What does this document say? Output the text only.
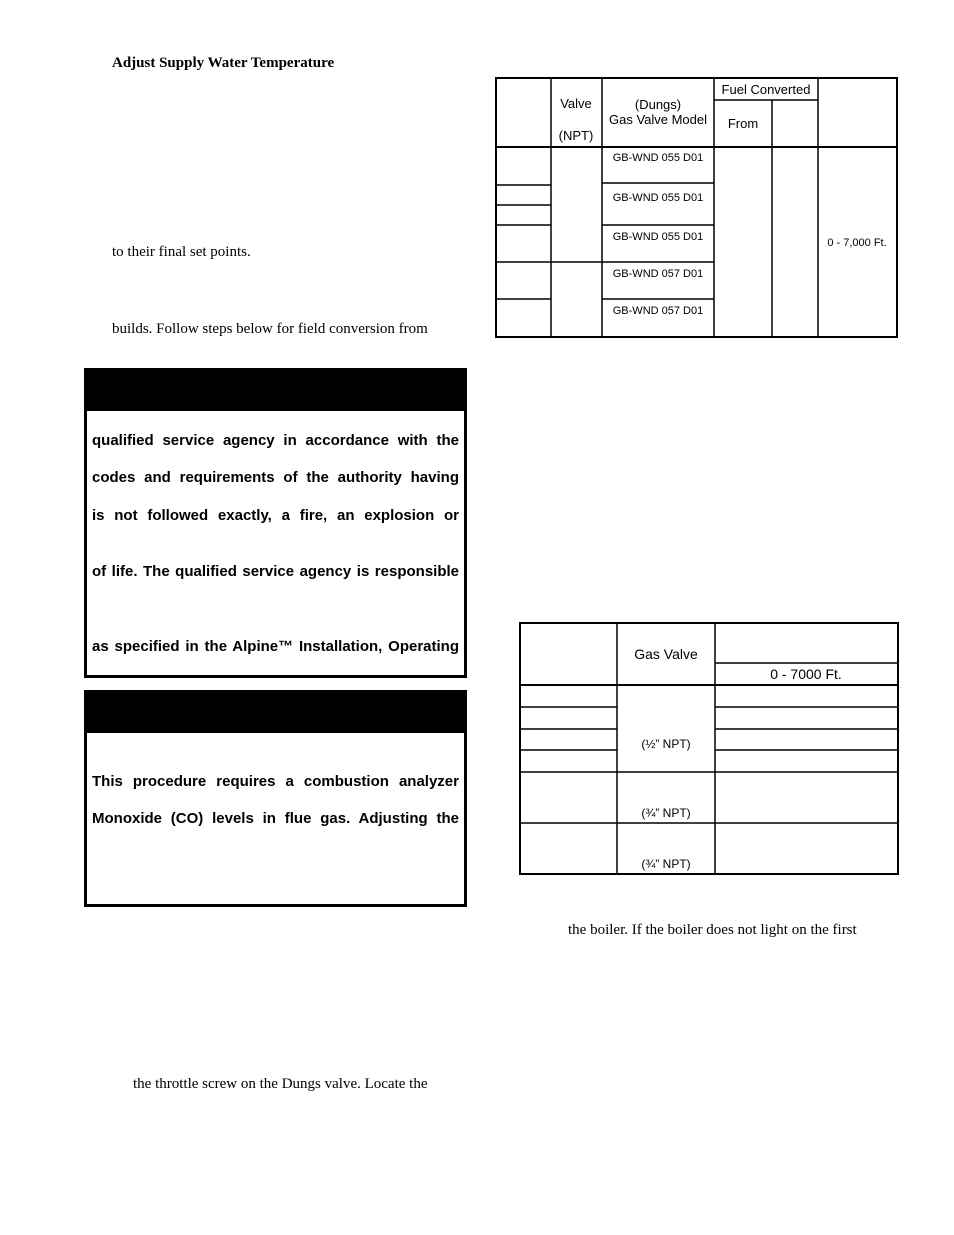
Adjust Supply Water Temperature
to their final set points.
builds. Follow steps below for field conversion from
qualified service agency in accordance with the
codes and requirements of the authority having
is not followed exactly, a fire, an explosion or
of life. The qualified service agency is responsible
as specified in the Alpine™ Installation, Operating
This procedure requires a combustion analyzer
Monoxide (CO) levels in flue gas. Adjusting the
the throttle screw on the Dungs valve. Locate the
Valve
(NPT)
(Dungs)
Gas Valve Model
Fuel Converted
From
GB-WND 055 D01
GB-WND 055 D01
GB-WND 055 D01
GB-WND 057 D01
GB-WND 057 D01
0 - 7,000 Ft.
Gas Valve
0 - 7000 Ft.
(½” NPT)
(¾” NPT)
(¾” NPT)
the boiler. If the boiler does not light on the first
